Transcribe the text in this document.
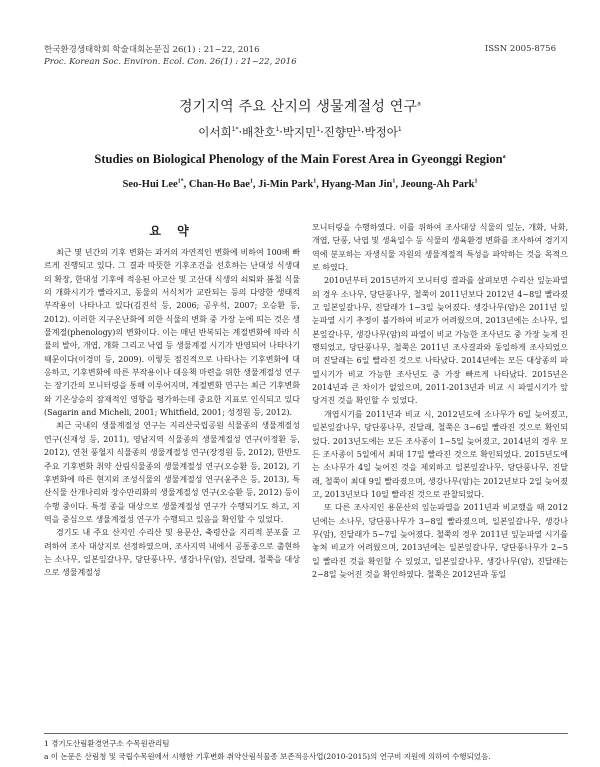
한국환경생태학회 학술대회논문집 26(1) : 21~22, 2016
Proc. Korean Soc. Environ. Ecol. Con. 26(1) : 21~22, 2016
ISSN 2005-8756
경기지역 주요 산지의 생물계절성 연구$^a$
이서희$^{1*}$·배찬호$^1$·박지민$^1$·진향만$^1$·박정아$^1$
Studies on Biological Phenology of the Main Forest Area in Gyeonggi Region$^a$
Seo-Hui Lee$^{1*}$, Chan-Ho Bae$^1$, Ji-Min Park$^1$, Hyang-Man Jin$^1$, Jeoung-Ah Park$^1$
요 약

최근 몇 년간의 기후 변화는 과거의 자연적인 변화에 비하여 100배 빠르게 진행되고 있다. 그 결과 따뜻한 기후조건을 선호하는 난대성 식생대의 확장, 한대성 기후에 적응된 아고산 및 고산대 식생의 쇠퇴와 봄철 식물의 개화시기가 빨라지고, 동물의 서식처가 교란되는 등의 다양한 생태적 부작용이 나타나고 있다(김진석 등, 2006; 공우석, 2007; 오승환 등, 2012). 이러한 지구온난화에 의한 식물의 변화 중 가장 눈에 띄는 것은 생물계절(phenology)의 변화이다. 이는 매년 반복되는 계절변화에 따라 식물의 발아, 개엽, 개화 그리고 낙엽 등 생물계절 시기가 반영되어 나타나기 때문이다(이경미 등, 2009). 이렇듯 점진적으로 나타나는 기후변화에 대응하고, 기후변화에 따른 부작용이나 대응책 마련을 위한 생물계절성 연구는 장기간의 모니터링을 통해 이루어지며, 계절변화 연구는 최근 기후변화와 기온상승의 잠재적인 영향을 평가하는데 중요한 지표로 인식되고 있다(Sagarin and Micheli, 2001; Whitfield, 2001; 성정원 등, 2012).

최근 국내의 생물계절성 연구는 지리산국립공원 식물종의 생물계절성 연구(신재성 등, 2011), 영남지역 식물종의 생물계절성 연구(이정환 등, 2012), 연천 풍혈지 식물종의 생물계절성 연구(장정원 등, 2012), 한반도 주요 기후변화 취약 산림식물종의 생물계절성 연구(오승환 등, 2012), 기후변화에 따른 현지외 조성식물의 생물계절성 연구(윤주은 등, 2013), 특산식물 산개나리와 장수만리화의 생물계절성 연구(오승환 등, 2012) 등이 수행 중이다. 특정 종을 대상으로 생물계절성 연구가 수행되기도 하고, 지역을 중심으로 생물계절성 연구가 수행되고 있음을 확인할 수 있었다.

경기도 내 주요 산지인 수리산 및 용문산, 축령산을 지리적 분포를 고려하여 조사 대상지로 선정하였으며, 조사지역 내에서 공통종으로 출현하는 소나무, 일본잎갈나무, 당단풍나무, 생강나무(암), 진달래, 철쭉을 대상으로 생물계절성

모니터링을 수행하였다. 이를 위하여 조사대상 식물의 잎눈, 개화, 낙화, 개엽, 단풍, 낙엽 및 생육일수 등 식물의 생육환경 변화를 조사하여 경기지역에 분포하는 자생식물 자원의 생물계절적 특성을 파악하는 것을 목적으로 하였다.

2010년부터 2015년까지 모니터링 결과를 살펴보면 수리산 잎눈파열의 경우 소나무, 당단풍나무, 철쭉이 2011년보다 2012년 4~8일 빨라졌고 일본잎갈나무, 진달래가 1~3일 늦어졌다. 생강나무(암)은 2011년 잎눈파열 시기 추정이 불가하여 비교가 어려웠으며, 2013년에는 소나무, 일본잎갈나무, 생강나무(암)의 파열이 비교 가능한 조사년도 중 가장 늦게 진행되었고, 당단풍나무, 철쭉은 2011년 조사결과와 동일하게 조사되었으며 진달래는 6일 빨라진 것으로 나타났다. 2014년에는 모든 대상종의 파열시기가 비교 가능한 조사년도 중 가장 빠르게 나타났다. 2015년은 2014년과 큰 차이가 없었으며, 2011-2013년과 비교 시 파열시기가 앞당겨진 것을 확인할 수 있었다.

개엽시기를 2011년과 비교 시, 2012년도에 소나무가 6일 늦어졌고, 일본잎갈나무, 당단풍나무, 진달래, 철쭉은 3~6일 빨라진 것으로 확인되었다. 2013년도에는 모든 조사종이 1~5일 늦어졌고, 2014년의 경우 모든 조사종이 5일에서 최대 17일 빨라진 것으로 확인되었다. 2015년도에는 소나무가 4일 늦어진 것을 제외하고 일본잎갈나무, 당단풍나무, 진달래, 철쭉이 최대 9일 빨라졌으며, 생강나무(암)는 2012년보다 2일 늦어졌고, 2013년보다 10일 빨라진 것으로 관찰되었다.

또 다른 조사지인 용문산의 잎눈파열을 2011년과 비교했을 때 2012년에는 소나무, 당단풍나무가 3~8일 빨라졌으며, 일본잎갈나무, 생강나무(암), 진달래가 5~7일 늦어졌다. 철쭉의 경우 2011년 잎눈파열 시기를 놓쳐 비교가 어려웠으며, 2013년에는 일본잎갈나무, 당단풍나무가 2~5일 빨라진 것을 확인할 수 있었고, 일본잎갈나무, 생강나무(암), 진달래는 2~8일 늦어진 것을 확인하였다. 철쭉은 2012년과 동일

1 경기도산림환경연구소 수목원관리팀
a 이 논문은 산림청 및 국립수목원에서 시행한 기후변화 취약산림식물종 보존적응사업(2010-2015)의 연구비 지원에 의하여 수행되었음.
